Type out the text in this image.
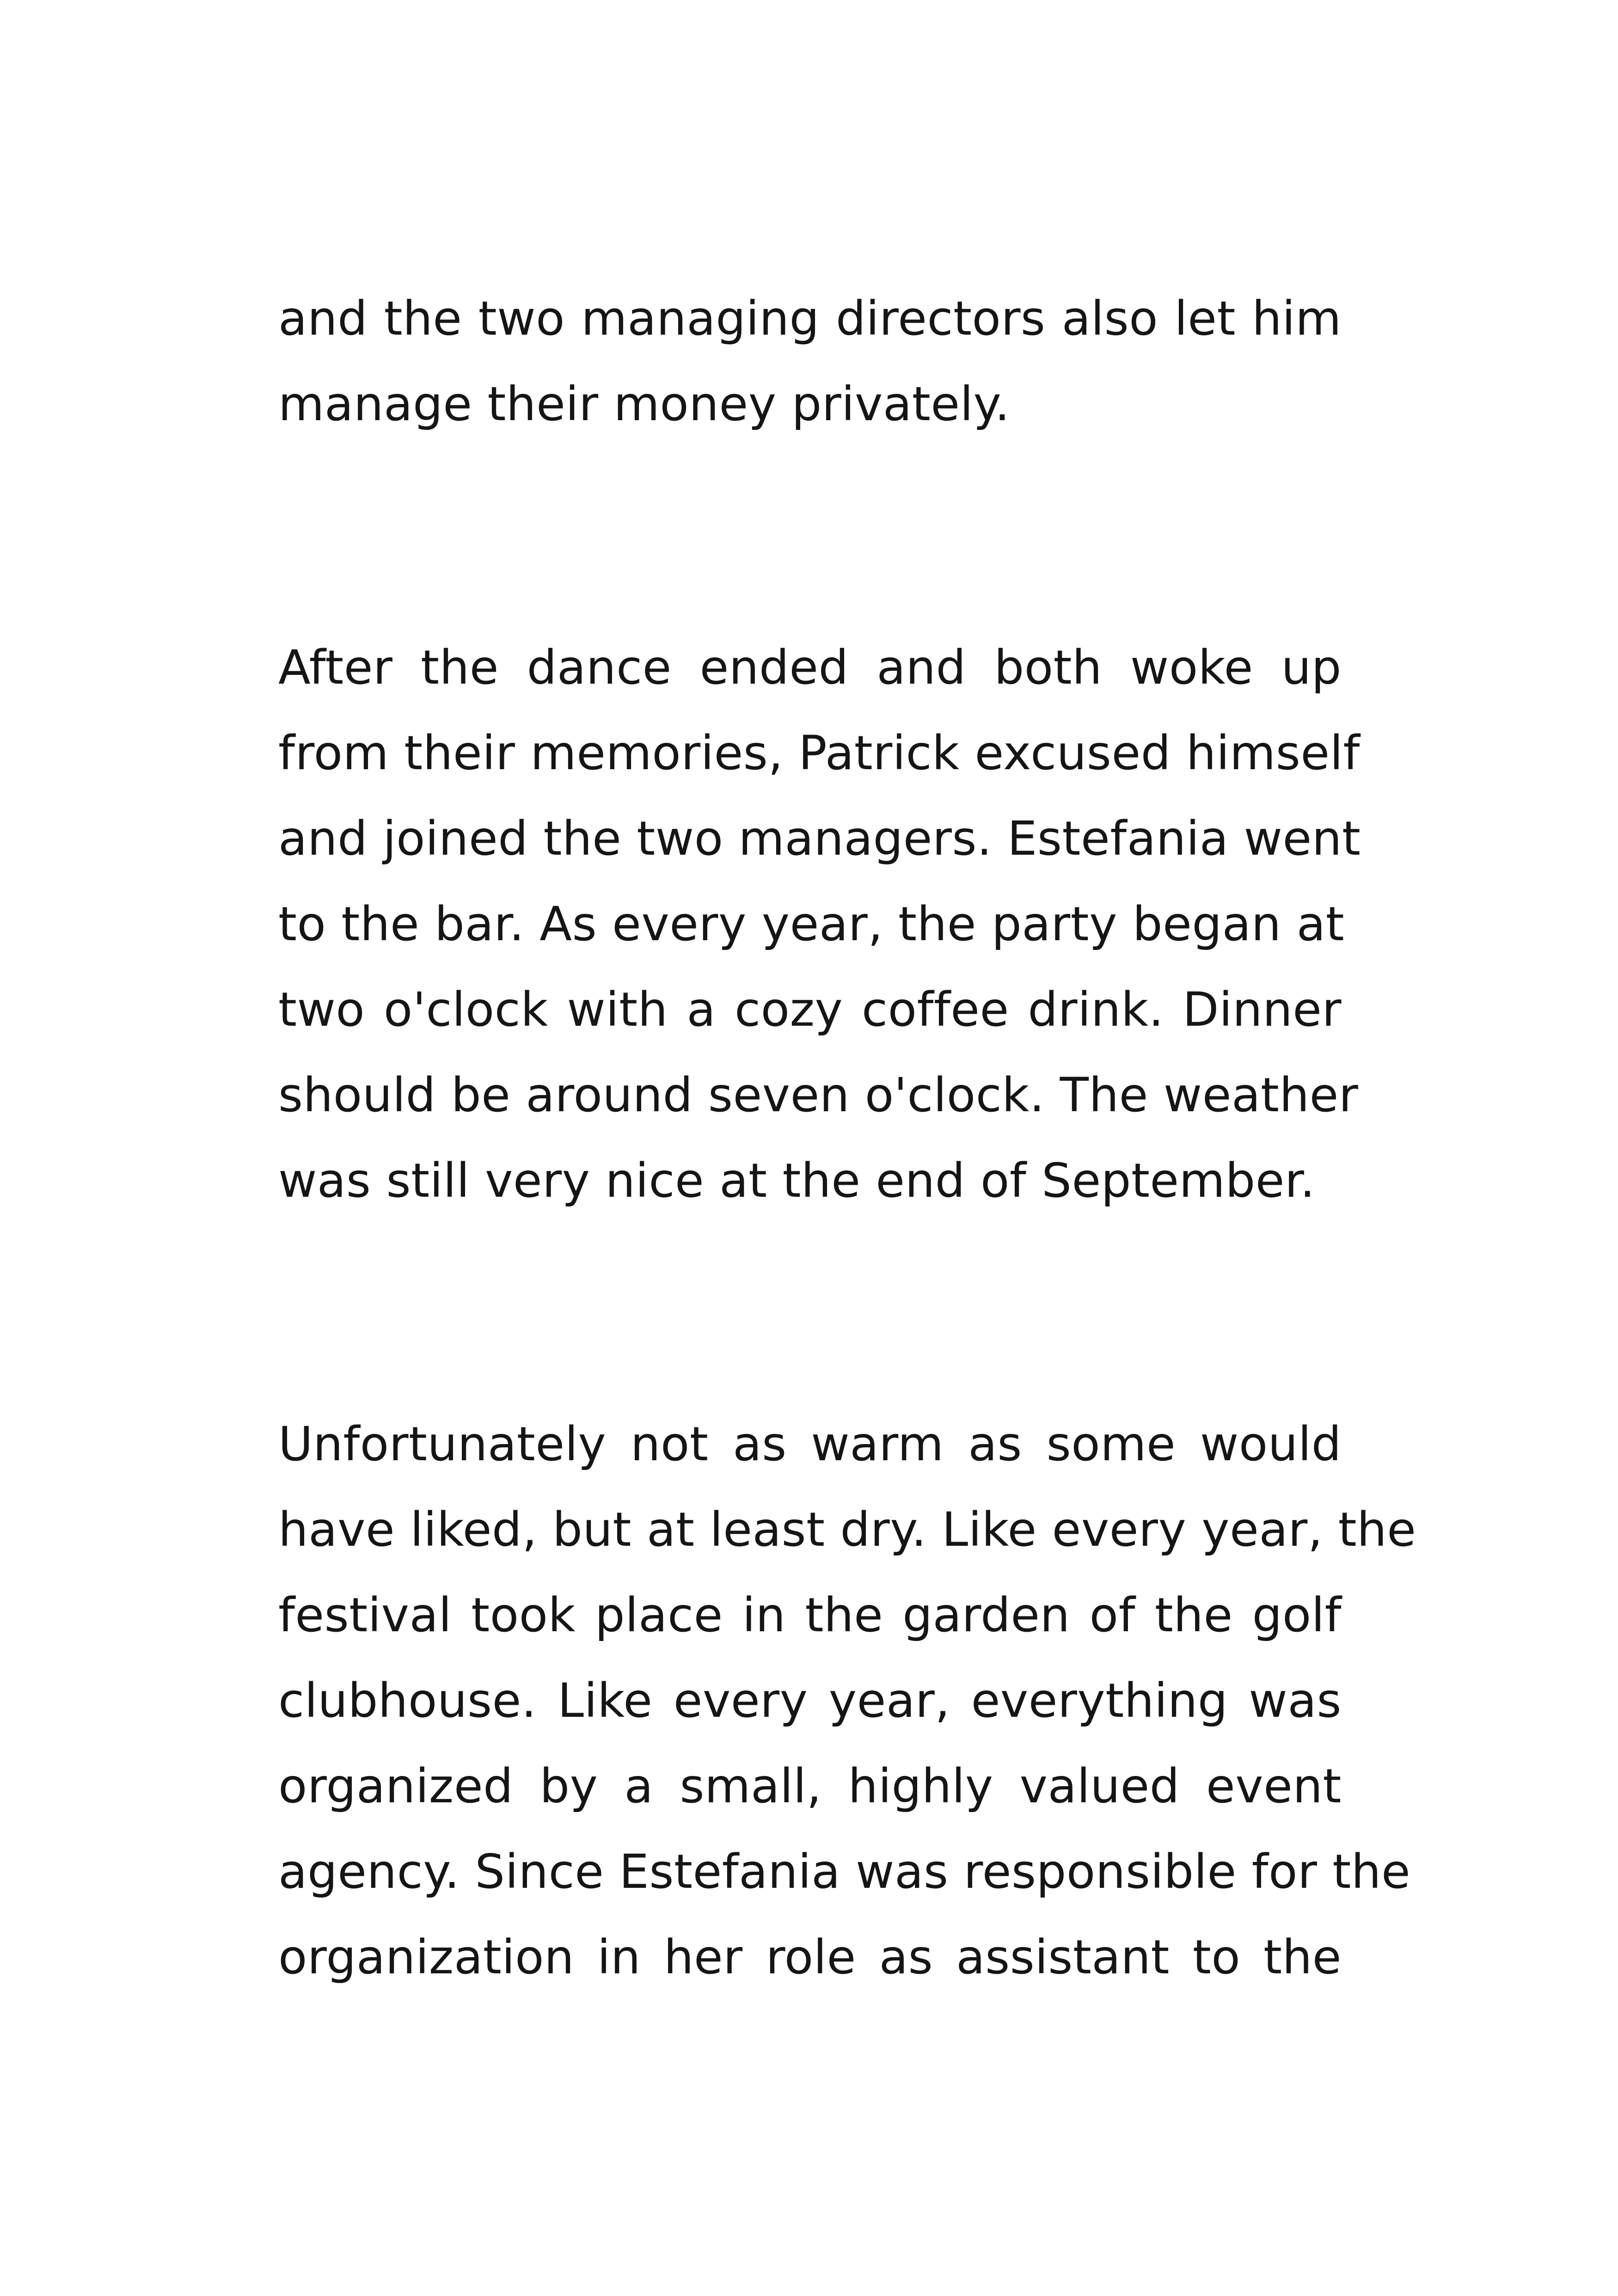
and the two managing directors also let him
manage their money privately.
After the dance ended and both woke up
from their memories, Patrick excused himself
and joined the two managers. Estefania went
to the bar. As every year, the party began at
two o'clock with a cozy coffee drink. Dinner
should be around seven o'clock. The weather
was still very nice at the end of September.
Unfortunately not as warm as some would
have liked, but at least dry. Like every year, the
festival took place in the garden of the golf
clubhouse. Like every year, everything was
organized by a small, highly valued event
agency. Since Estefania was responsible for the
organization in her role as assistant to the
